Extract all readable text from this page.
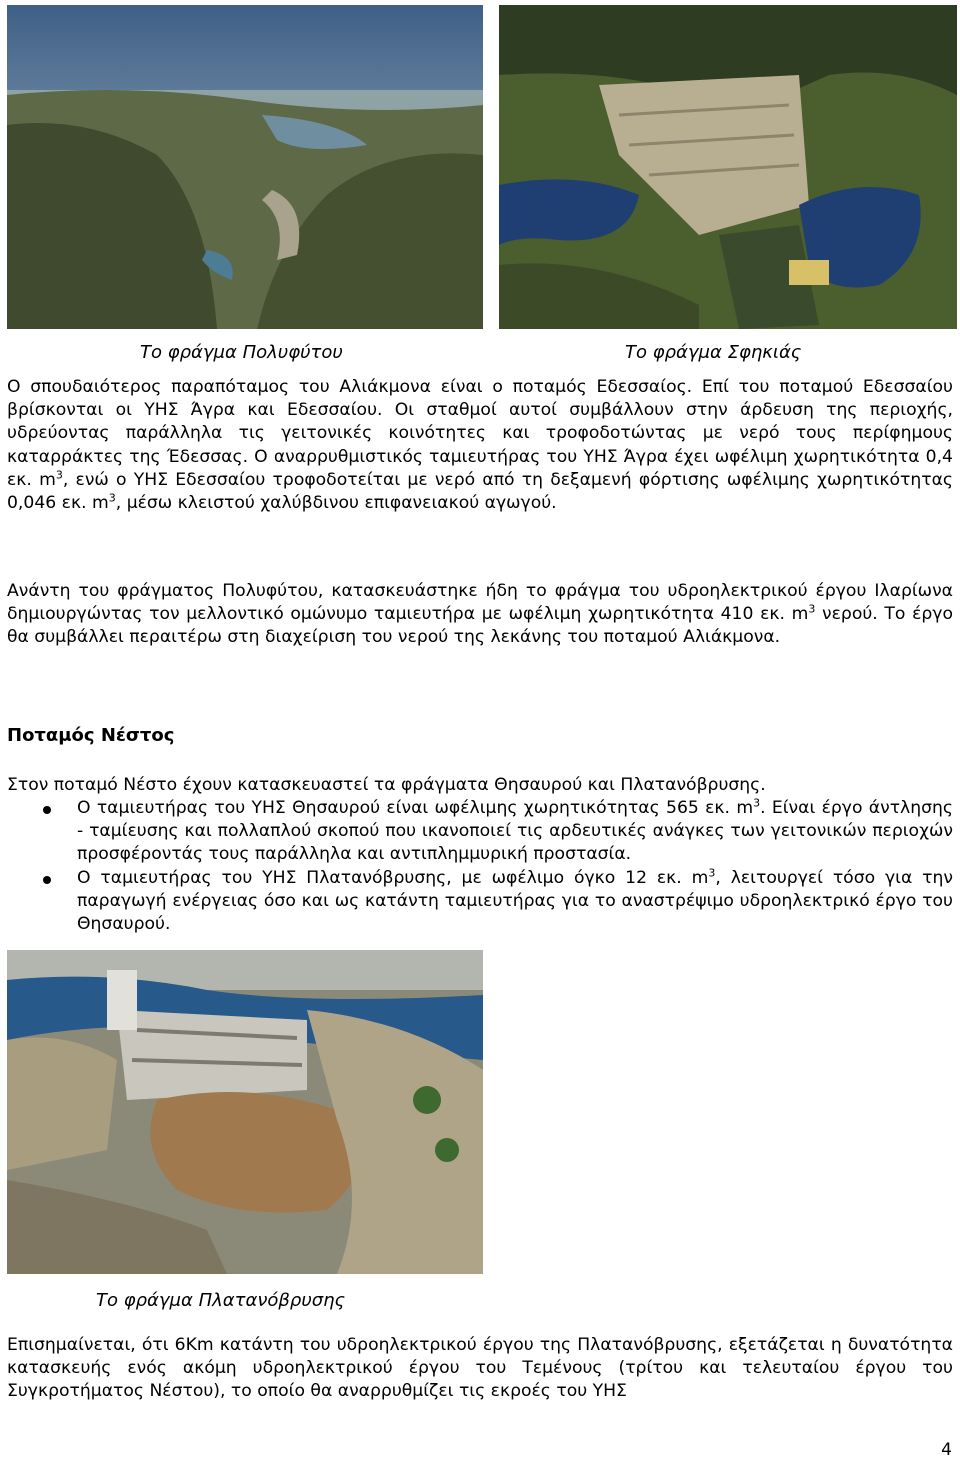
Το φράγμα Πολυφύτου	Το φράγμα Σφηκιάς

Ο σπουδαιότερος παραπόταμος του Αλιάκμονα είναι ο ποταμός Εδεσσαίος. Επί του ποταμού Εδεσσαίου βρίσκονται οι ΥΗΣ Άγρα και Εδεσσαίου. Οι σταθμοί αυτοί συμβάλλουν στην άρδευση της περιοχής, υδρεύοντας παράλληλα τις γειτονικές κοινότητες και τροφοδοτώντας με νερό τους περίφημους καταρράκτες της Έδεσσας. Ο αναρρυθμιστικός ταμιευτήρας του ΥΗΣ Άγρα έχει ωφέλιμη χωρητικότητα 0,4 εκ. $m^3$, ενώ ο ΥΗΣ Εδεσσαίου τροφοδοτείται με νερό από τη δεξαμενή φόρτισης ωφέλιμης χωρητικότητας 0,046 εκ. $m^3$, μέσω κλειστού χαλύβδινου επιφανειακού αγωγού.

Ανάντη του φράγματος Πολυφύτου, κατασκευάστηκε ήδη το φράγμα του υδροηλεκτρικού έργου Ιλαρίωνα δημιουργώντας τον μελλοντικό ομώνυμο ταμιευτήρα με ωφέλιμη χωρητικότητα 410 εκ. $m^3$ νερού. Το έργο θα συμβάλλει περαιτέρω στη διαχείριση του νερού της λεκάνης του ποταμού Αλιάκμονα.

Ποταμός Νέστος

Στον ποταμό Νέστο έχουν κατασκευαστεί τα φράγματα Θησαυρού και Πλατανόβρυσης.

Ο ταμιευτήρας του ΥΗΣ Θησαυρού είναι ωφέλιμης χωρητικότητας 565 εκ. $m^3$. Είναι έργο άντλησης - ταμίευσης και πολλαπλού σκοπού που ικανοποιεί τις αρδευτικές ανάγκες των γειτονικών περιοχών προσφέροντάς τους παράλληλα και αντιπλημμυρική προστασία.
Ο ταμιευτήρας του ΥΗΣ Πλατανόβρυσης, με ωφέλιμο όγκο 12 εκ. $m^3$, λειτουργεί τόσο για την παραγωγή ενέργειας όσο και ως κατάντη ταμιευτήρας για το αναστρέψιμο υδροηλεκτρικό έργο του Θησαυρού.
Το φράγμα Πλατανόβρυσης

Επισημαίνεται, ότι 6Km κατάντη του υδροηλεκτρικού έργου της Πλατανόβρυσης, εξετάζεται η δυνατότητα κατασκευής ενός ακόμη υδροηλεκτρικού έργου του Τεμένους (τρίτου και τελευταίου έργου του Συγκροτήματος Νέστου), το οποίο θα αναρρυθμίζει τις εκροές του ΥΗΣ

4
